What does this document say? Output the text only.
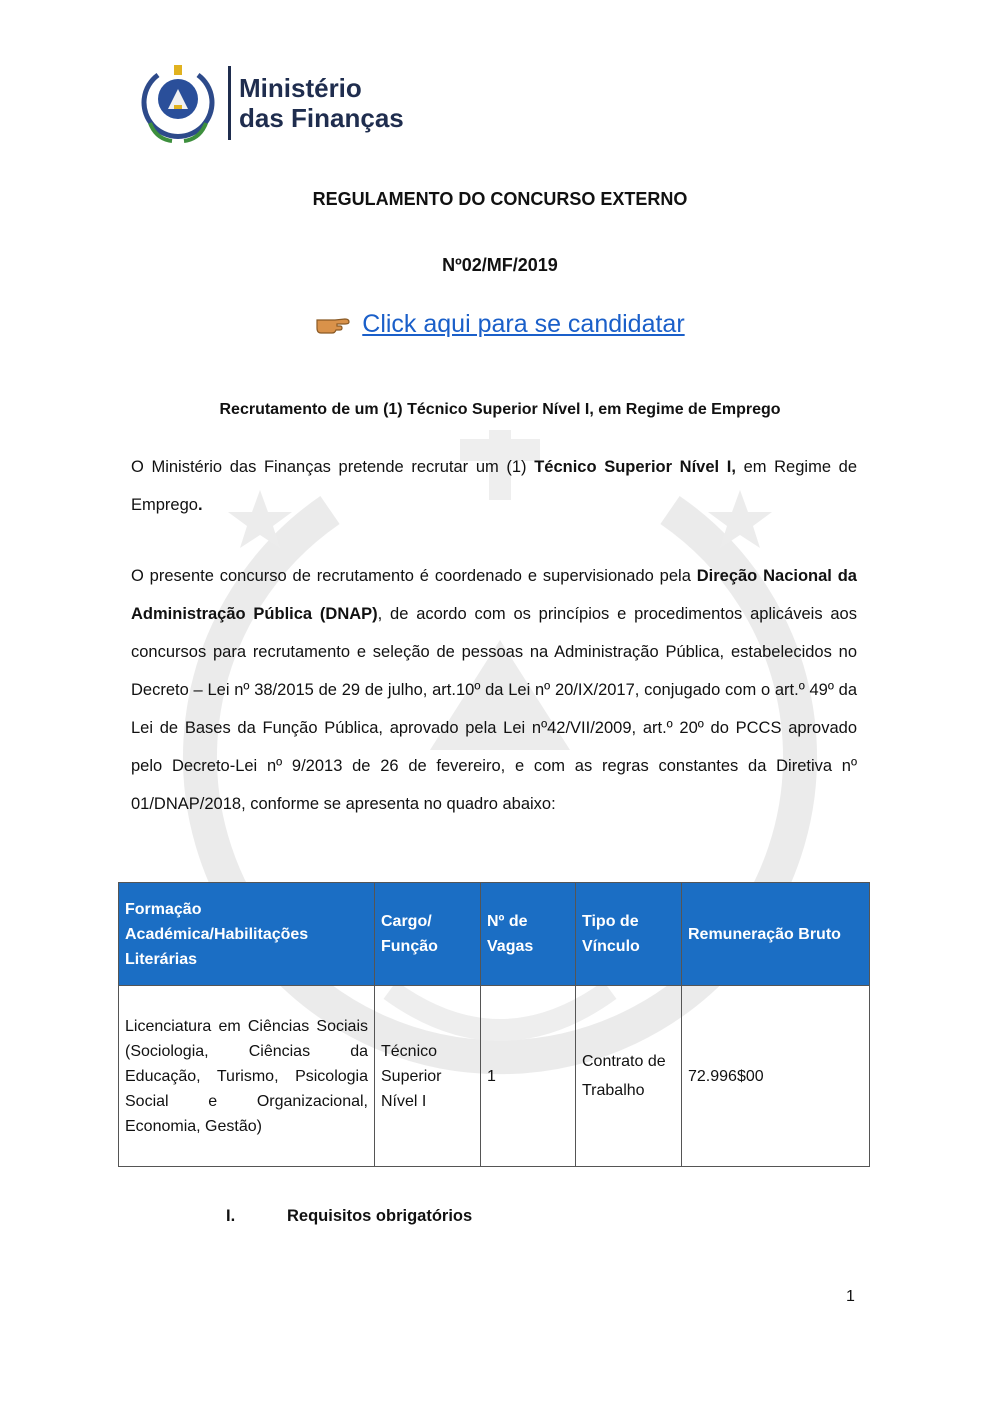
Ministério
das Finanças
REGULAMENTO DO CONCURSO EXTERNO
Nº02/MF/2019
Click aqui para se candidatar
Recrutamento de um (1) Técnico Superior Nível I, em Regime de Emprego

O Ministério das Finanças pretende recrutar um (1) Técnico Superior Nível I, em Regime de Emprego.

O presente concurso de recrutamento é coordenado e supervisionado pela Direção Nacional da Administração Pública (DNAP), de acordo com os princípios e procedimentos aplicáveis aos concursos para recrutamento e seleção de pessoas na Administração Pública, estabelecidos no Decreto – Lei nº 38/2015 de 29 de julho, art.10º da Lei nº 20/IX/2017, conjugado com o art.º 49º da Lei de Bases da Função Pública, aprovado pela Lei nº42/VII/2009, art.º 20º do PCCS aprovado pelo Decreto-Lei nº 9/2013 de 26 de fevereiro, e com as regras constantes da Diretiva nº 01/DNAP/2018, conforme se apresenta no quadro abaixo:

Formação Académica/Habilitações Literárias	Cargo/ Função	Nº de Vagas	Tipo de Vínculo	Remuneração Bruto
Licenciatura em Ciências Sociais (Sociologia, Ciências da Educação, Turismo, Psicologia Social e Organizacional, Economia, Gestão)	Técnico Superior Nível I	1	Contrato de Trabalho	72.996$00
I.	Requisitos obrigatórios
1
